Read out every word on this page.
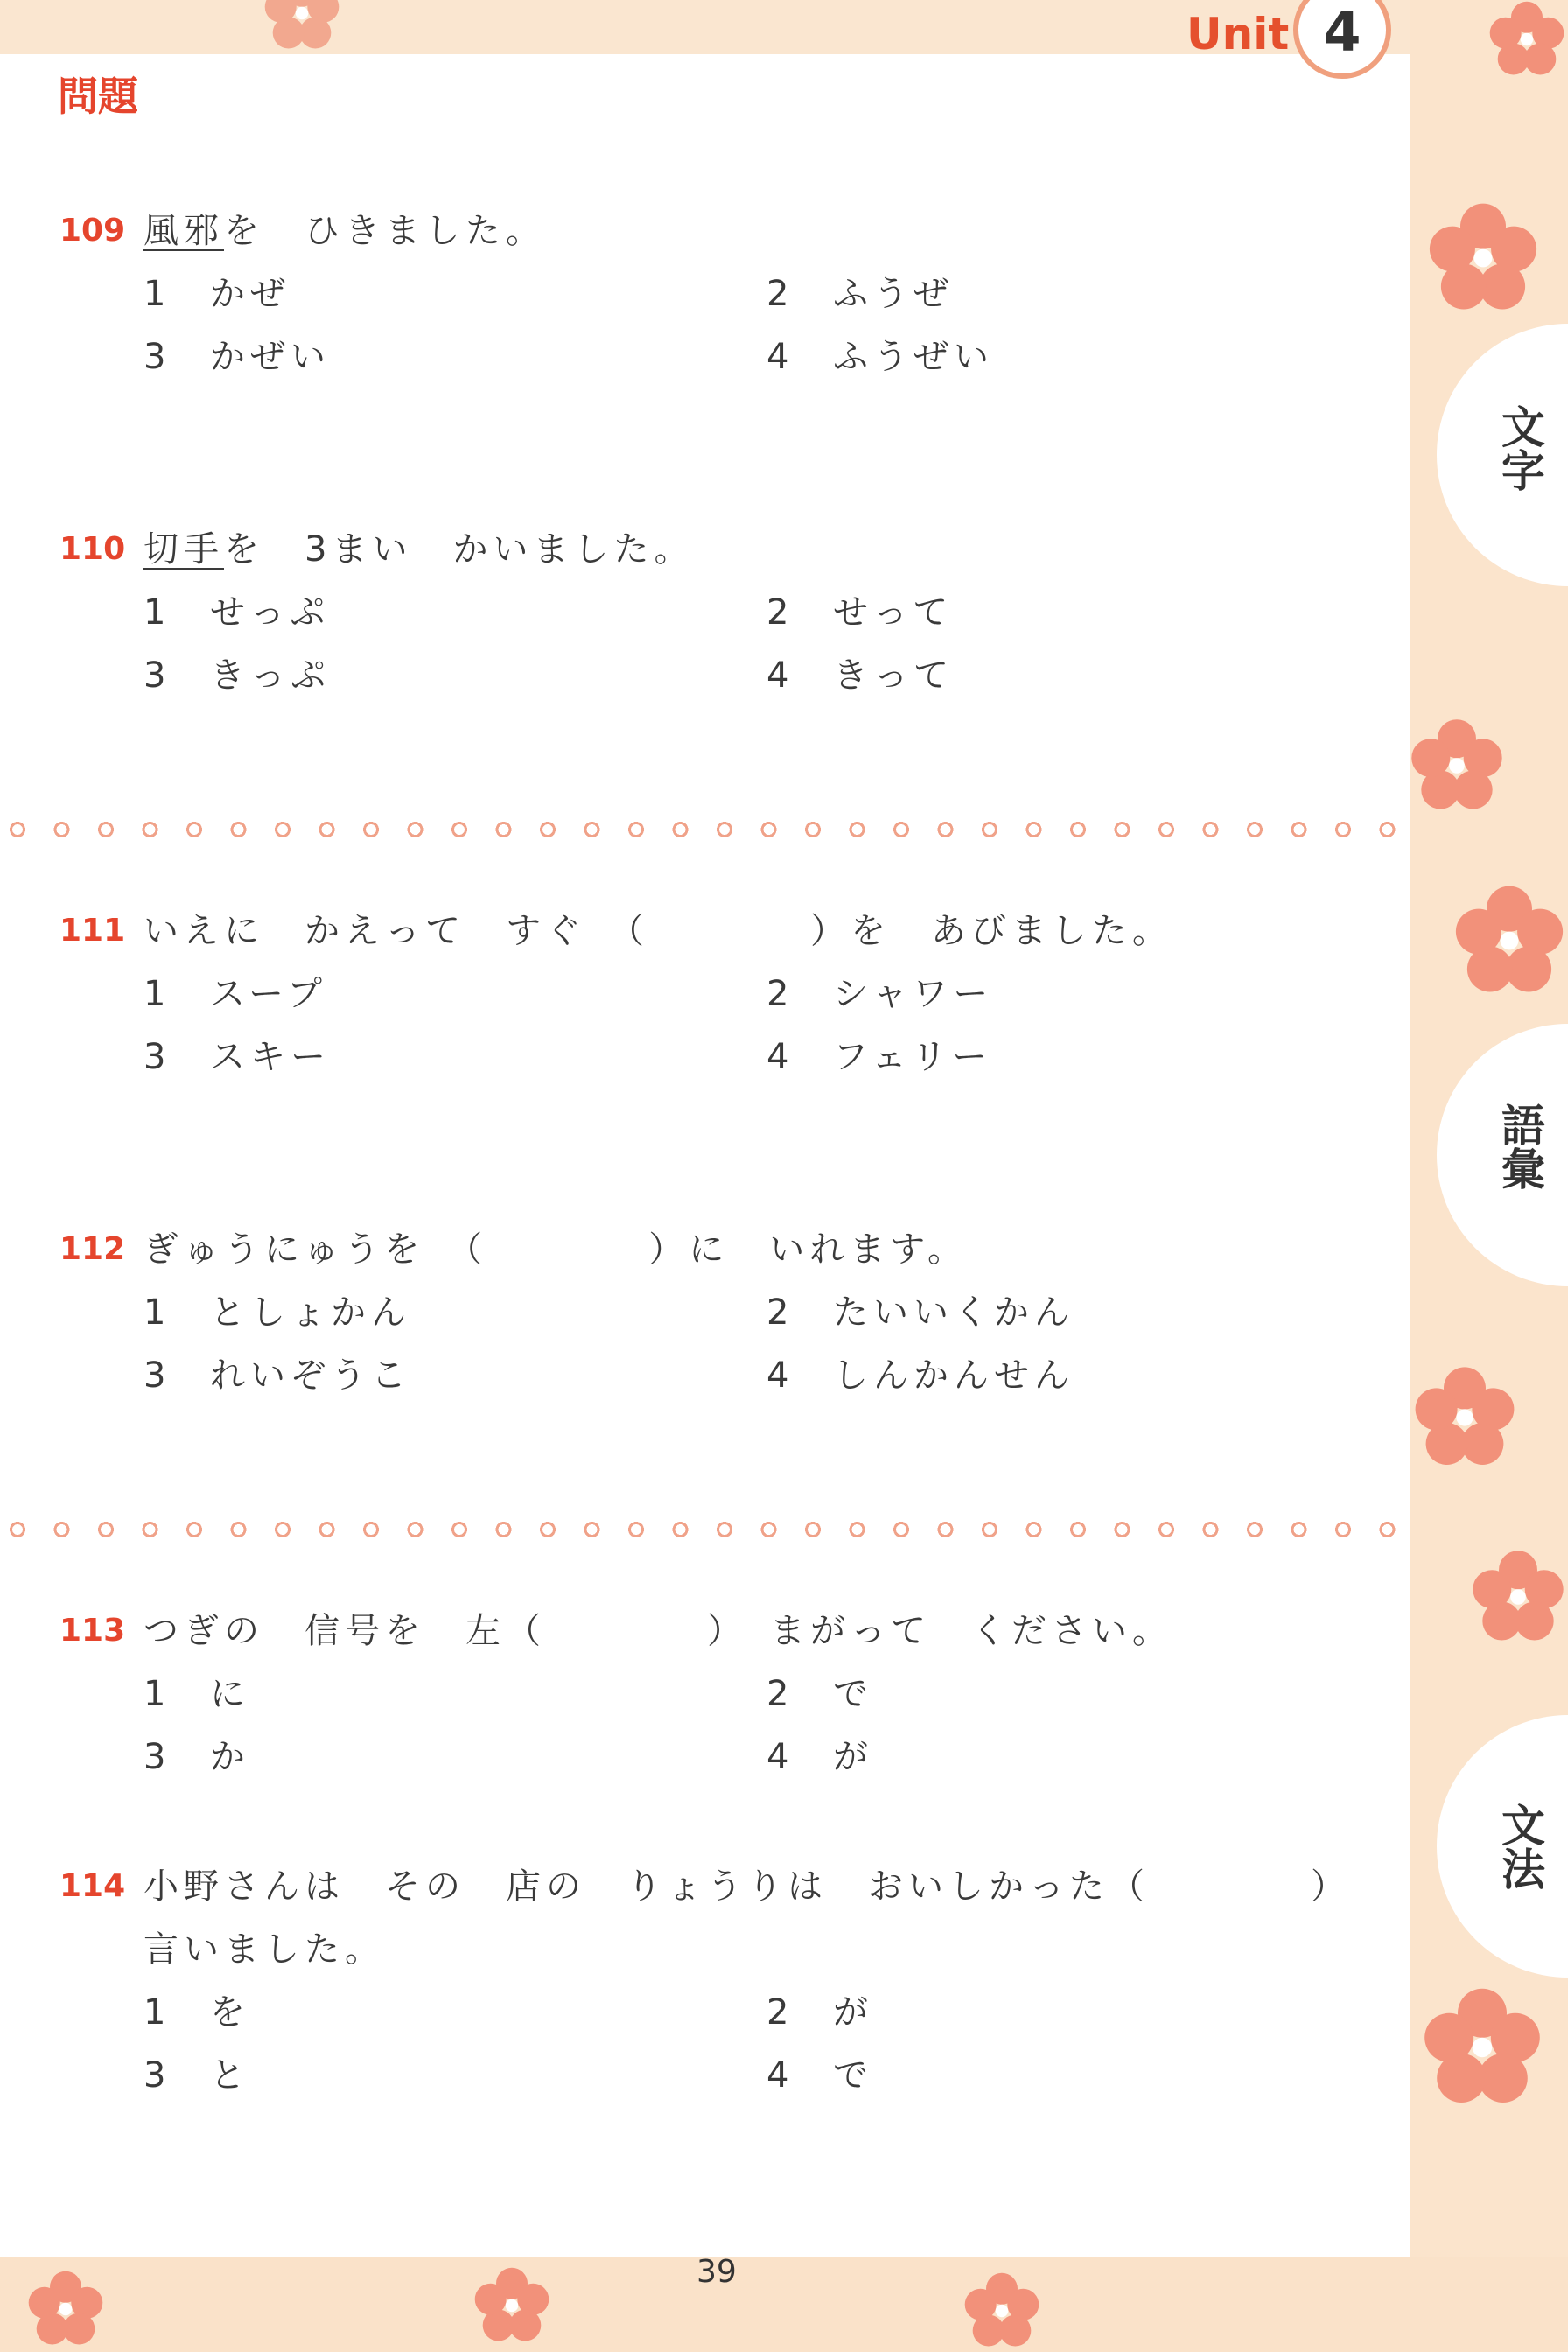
文字
語彙
文法
Unit 4
問題
109 風邪を　ひきました。
1 かぜ	2 ふうぜ
3 かぜい	4 ふうぜい
110 切手を　3まい　かいました。
1 せっぷ	2 せって
3 きっぷ	4 きって
111 いえに　かえって　すぐ　（　　　　）を　あびました。
1 スープ	2 シャワー
3 スキー	4 フェリー
112 ぎゅうにゅうを　（　　　　）に　いれます。
1 としょかん	2 たいいくかん
3 れいぞうこ	4 しんかんせん
113 つぎの　信号を　左（　　　　）　まがって　ください。
1 に	2 で
3 か	4 が
114 小野さんは　その　店の　りょうりは　おいしかった（　　　　）
言いました。
1 を	2 が
3 と	4 で
39
